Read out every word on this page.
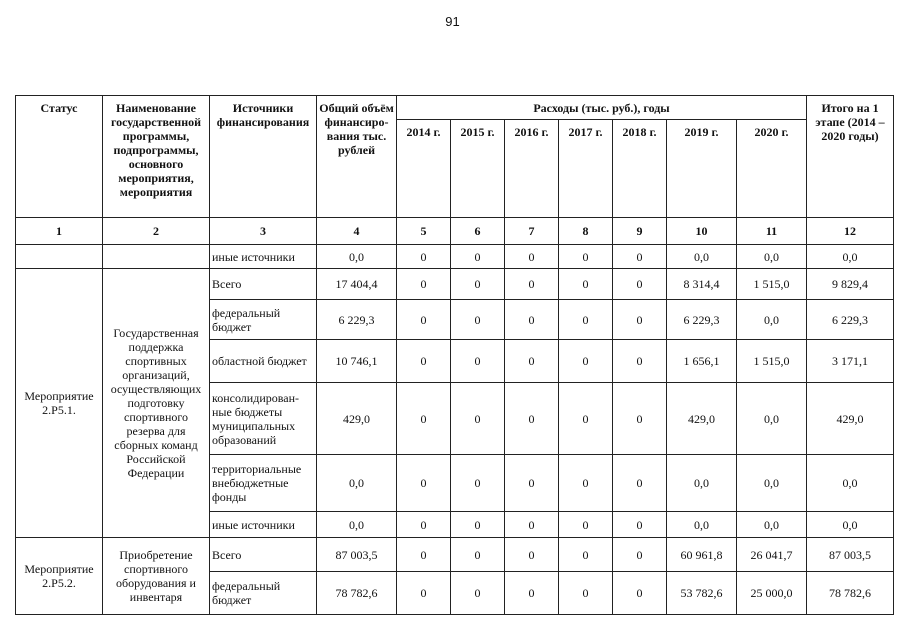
91
Статус	Наименование государственной программы, подпрограммы, основного мероприятия, мероприятия	Источники финансирования	Общий объём финансиро-вания тыс. рублей	Расходы (тыс. руб.), годы							Итого на 1 этапе (2014 – 2020 годы)
				2014 г.	2015 г.	2016 г.	2017 г.	2018 г.	2019 г.	2020 г.	
1	2	3	4	5	6	7	8	9	10	11	12
		иные источники	0,0	0	0	0	0	0	0,0	0,0	0,0
Мероприятие 2.Р5.1.	Государственная поддержка спортивных организаций, осуществляющих подготовку спортивного резерва для сборных команд Российской Федерации	Всего	17 404,4	0	0	0	0	0	8 314,4	1 515,0	9 829,4
		федеральный бюджет	6 229,3	0	0	0	0	0	6 229,3	0,0	6 229,3
		областной бюджет	10 746,1	0	0	0	0	0	1 656,1	1 515,0	3 171,1
		консолидирован-ные бюджеты муниципальных образований	429,0	0	0	0	0	0	429,0	0,0	429,0
		территориальные внебюджетные фонды	0,0	0	0	0	0	0	0,0	0,0	0,0
		иные источники	0,0	0	0	0	0	0	0,0	0,0	0,0
Мероприятие 2.Р5.2.	Приобретение спортивного оборудования и инвентаря	Всего	87 003,5	0	0	0	0	0	60 961,8	26 041,7	87 003,5
		федеральный бюджет	78 782,6	0	0	0	0	0	53 782,6	25 000,0	78 782,6
